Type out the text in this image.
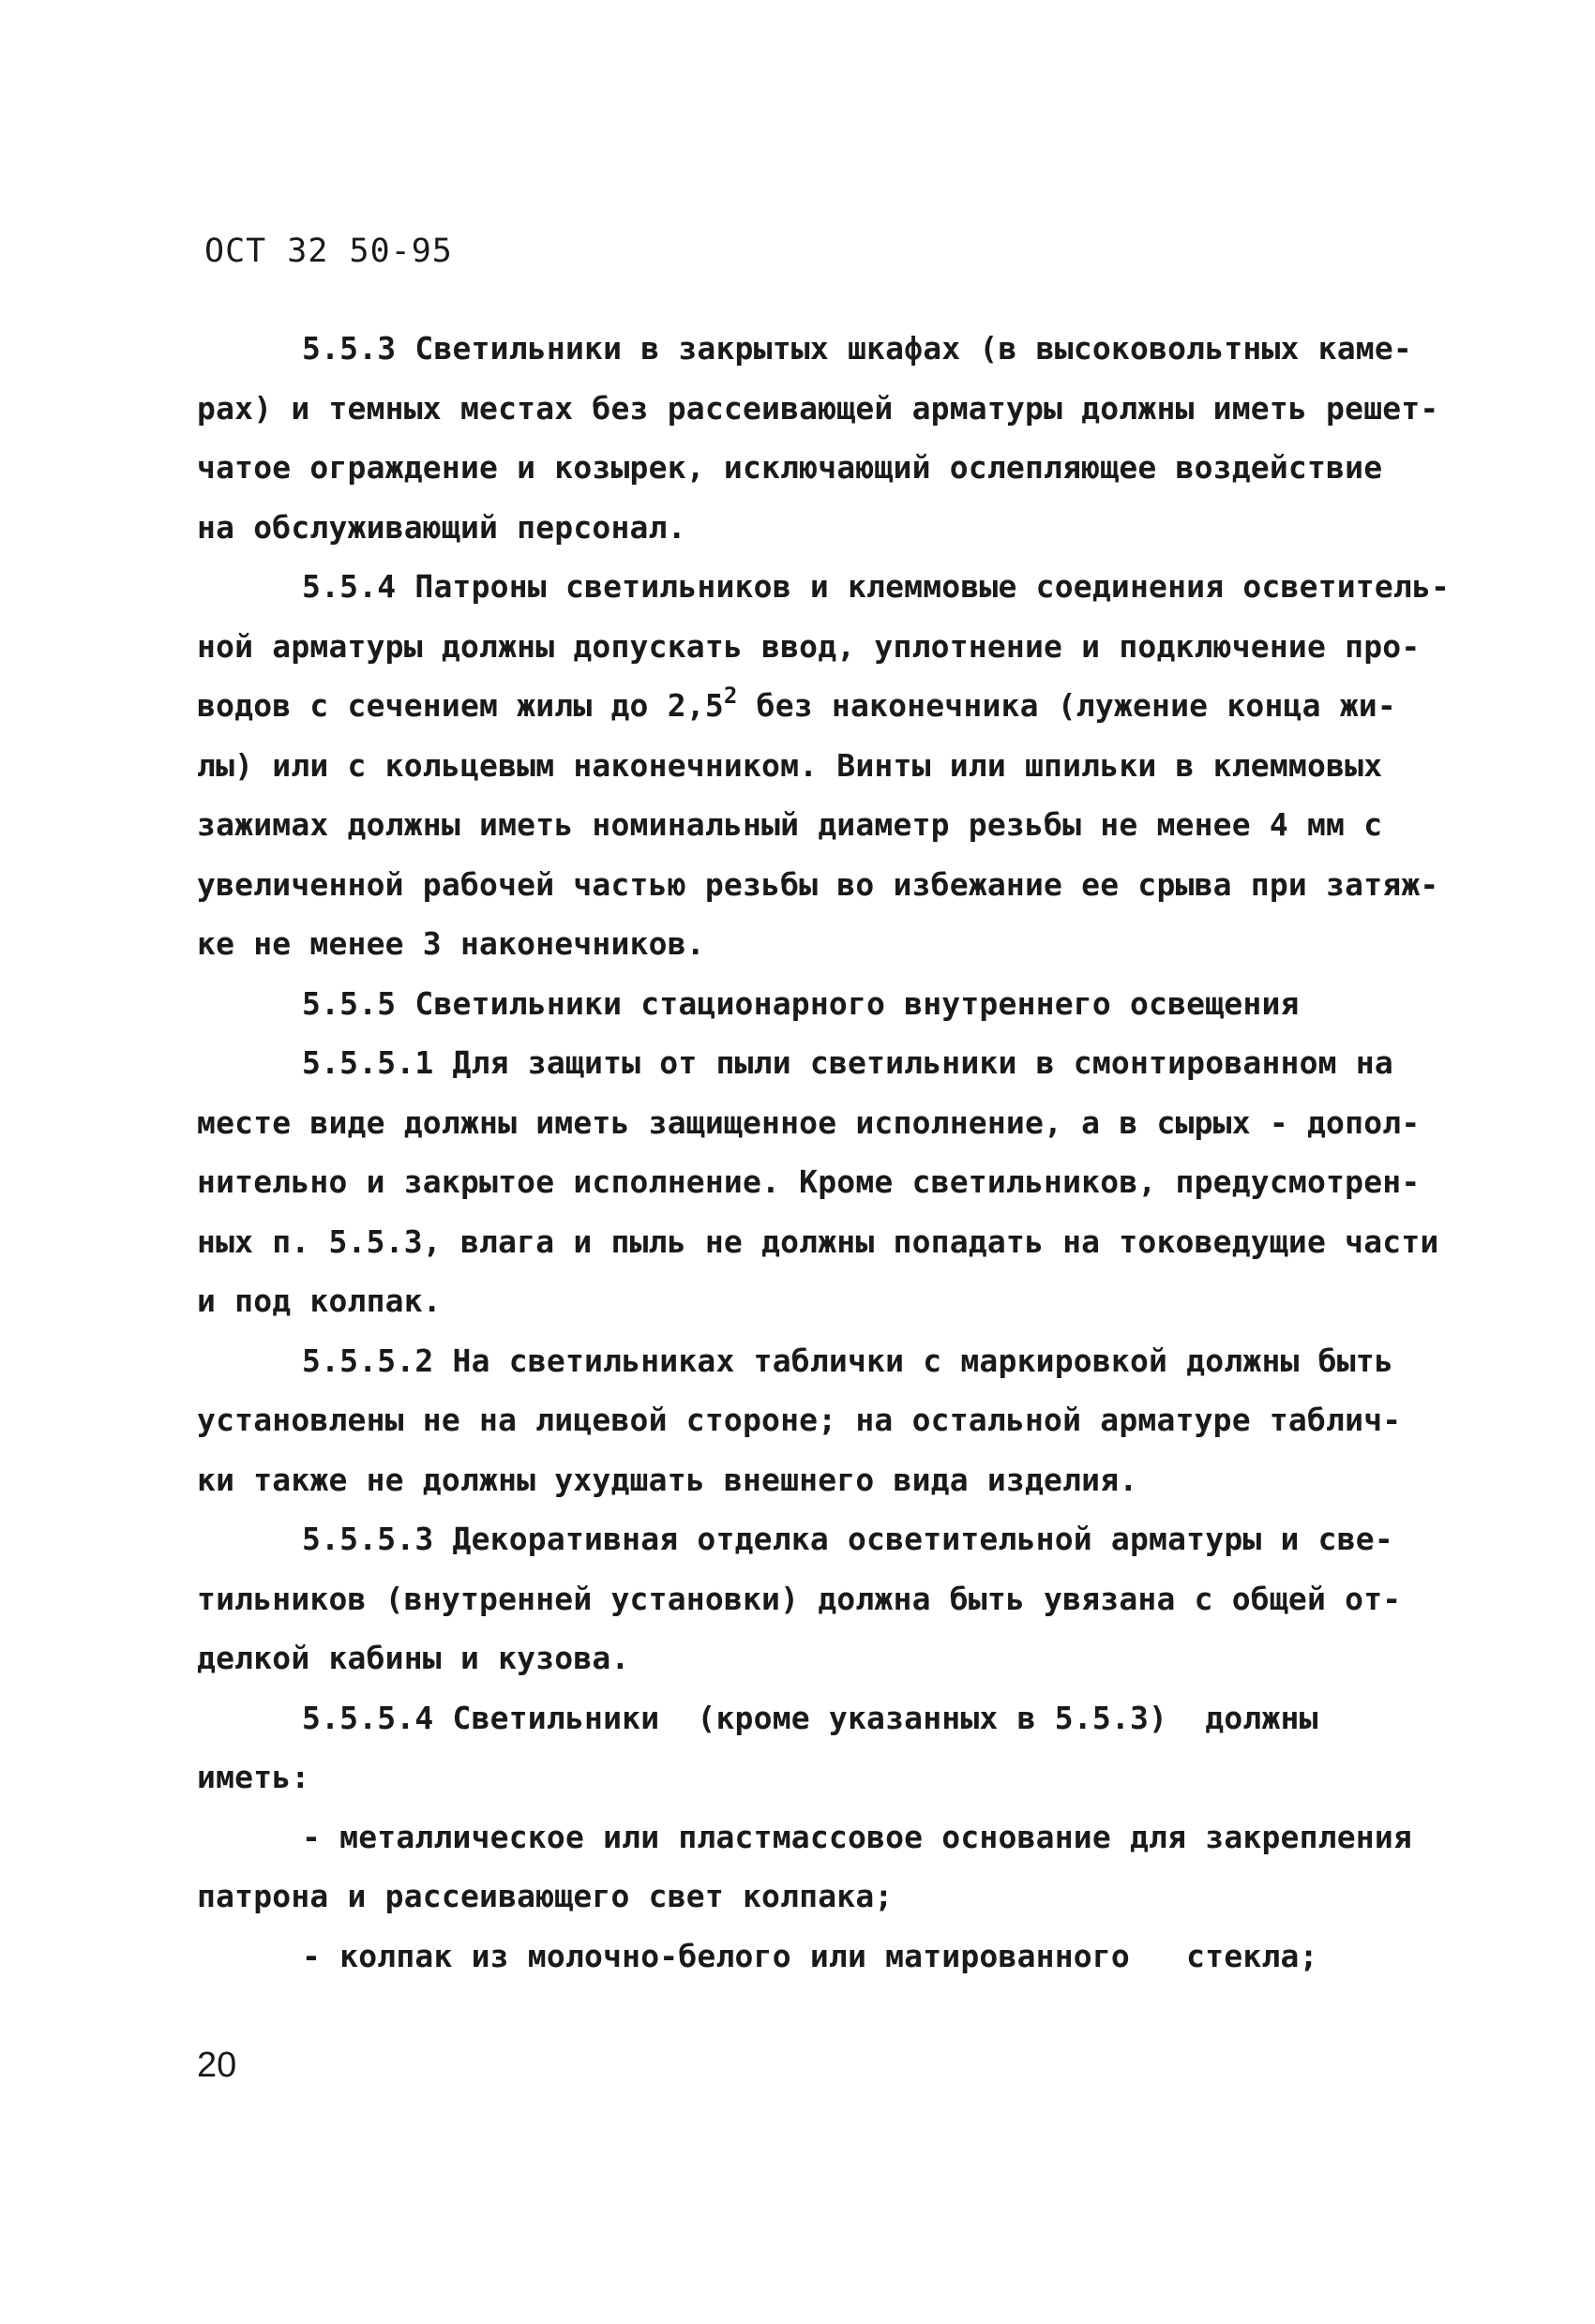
ОСТ 32 50-95
5.5.3 Светильники в закрытых шкафах (в высоковольтных каме-
рах) и темных местах без рассеивающей арматуры должны иметь решет-
чатое ограждение и козырек, исключающий ослепляющее воздействие
на обслуживающий персонал.
5.5.4 Патроны светильников и клеммовые соединения осветитель-
ной арматуры должны допускать ввод, уплотнение и подключение про-
водов с сечением жилы до $2,5^2$ без наконечника (лужение конца жи-
лы) или с кольцевым наконечником. Винты или шпильки в клеммовых
зажимах должны иметь номинальный диаметр резьбы не менее 4 мм с
увеличенной рабочей частью резьбы во избежание ее срыва при затяж-
ке не менее 3 наконечников.
5.5.5 Светильники стационарного внутреннего освещения
5.5.5.1 Для защиты от пыли светильники в смонтированном на
месте виде должны иметь защищенное исполнение, а в сырых - допол-
нительно и закрытое исполнение. Кроме светильников, предусмотрен-
ных п. 5.5.3, влага и пыль не должны попадать на токоведущие части
и под колпак.
5.5.5.2 На светильниках таблички с маркировкой должны быть
установлены не на лицевой стороне; на остальной арматуре таблич-
ки также не должны ухудшать внешнего вида изделия.
5.5.5.3 Декоративная отделка осветительной арматуры и све-
тильников (внутренней установки) должна быть увязана с общей от-
делкой кабины и кузова.
5.5.5.4 Светильники  (кроме указанных в 5.5.3)  должны
иметь:
- металлическое или пластмассовое основание для закрепления
патрона и рассеивающего свет колпака;
- колпак из молочно-белого или матированного   стекла;
20
